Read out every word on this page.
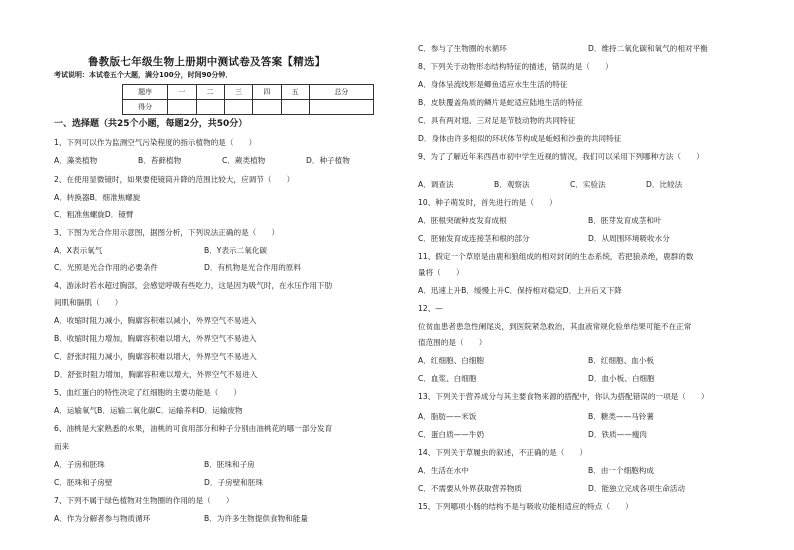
鲁教版七年级生物上册期中测试卷及答案【精选】
考试说明：本试卷五个大题，满分100分，时间90分钟．
题序	一	二	三	四	五	总分
得分						
一、选择题（共25个小题，每题2分，共50分）
1、下列可以作为监测空气污染程度的指示植物的是（　　）
A．藻类植物	B．苔藓植物	C．蕨类植物	D．种子植物
2、在使用显微镜时，如果要使镜筒升降的范围比较大，应调节（　　）
A．转换器B．细准焦螺旋
C．粗准焦螺旋D．镜臂
3、下图为光合作用示意图，据图分析，下列说法正确的是（　　）
A．X表示氧气	B．Y表示二氧化碳
C．光照是光合作用的必要条件	D．有机物是光合作用的原料
4、游泳时若水超过胸部，会感觉呼吸有些吃力，这是因为吸气时，在水压作用下肋
间肌和膈肌（　　）
A．收缩时阻力减小，胸廓容积难以减小，外界空气不易进入
B．收缩时阻力增加，胸廓容积难以增大，外界空气不易进入
C．舒张时阻力减小，胸廓容积难以增大，外界空气不易进入
D．舒张时阻力增加，胸廓容积难以增大，外界空气不易进入
5、血红蛋白的特性决定了红细胞的主要功能是（　　）
A．运输氧气B．运输二氧化碳C．运输养料D．运输废物
6、油桃是大家熟悉的水果，油桃的可食用部分和种子分别由油桃花的哪一部分发育
而来
A．子房和胚珠	B．胚珠和子房
C．胚珠和子房壁	D．子房壁和胚珠
7、下列不属于绿色植物对生物圈的作用的是（　　）
A．作为分解者参与物质循环	B．为许多生物提供食物和能量
C．参与了生物圈的水循环	D．维持二氧化碳和氧气的相对平衡
8、下列关于动物形态结构特征的描述，错误的是（　　）
A．身体呈流线形是鲫鱼适应水生生活的特征
B．皮肤覆盖角质的鳞片是蛇适应陆地生活的特征
C．具有两对翅、三对足是节肢动物的共同特征
D．身体由许多相似的环状体节构成是蚯蚓和沙蚕的共同特征
9、为了了解近年来西昌市初中学生近视的情况，我们可以采用下列哪种方法（　　）
A．调查法	B．观察法	C．实验法	D．比较法
10、种子萌发时，首先进行的是（　　）
A．胚根突破种皮发育成根	B．胚芽发育成茎和叶
C．胚轴发育成连接茎和根的部分	D．从周围环境吸收水分
11、假定一个草原是由鹿和狼组成的相对封闭的生态系统，若把狼杀绝，鹿群的数
量将（　　）
A．迅速上升B．缓慢上升C．保持相对稳定D．上升后又下降
12、—
位贫血患者患急性阑尾炎，到医院紧急救治，其血液常规化验单结果可能不在正常
值范围的是（　　）
A．红细胞、白细胞	B．红细胞、血小板
C．血浆、白细胞	D．血小板、白细胞
13、下列关于营养成分与其主要食物来源的搭配中，你认为搭配错误的一项是（　　）
A．脂肪——米饭	B．糖类——马铃薯
C．蛋白质——牛奶	D．铁质——瘦肉
14、下列关于草履虫的叙述，不正确的是（　　）
A．生活在水中	B．由一个细胞构成
C．不需要从外界获取营养物质	D．能独立完成各项生命活动
15、下列哪项小肠的结构不是与吸收功能相适应的特点（　　）
